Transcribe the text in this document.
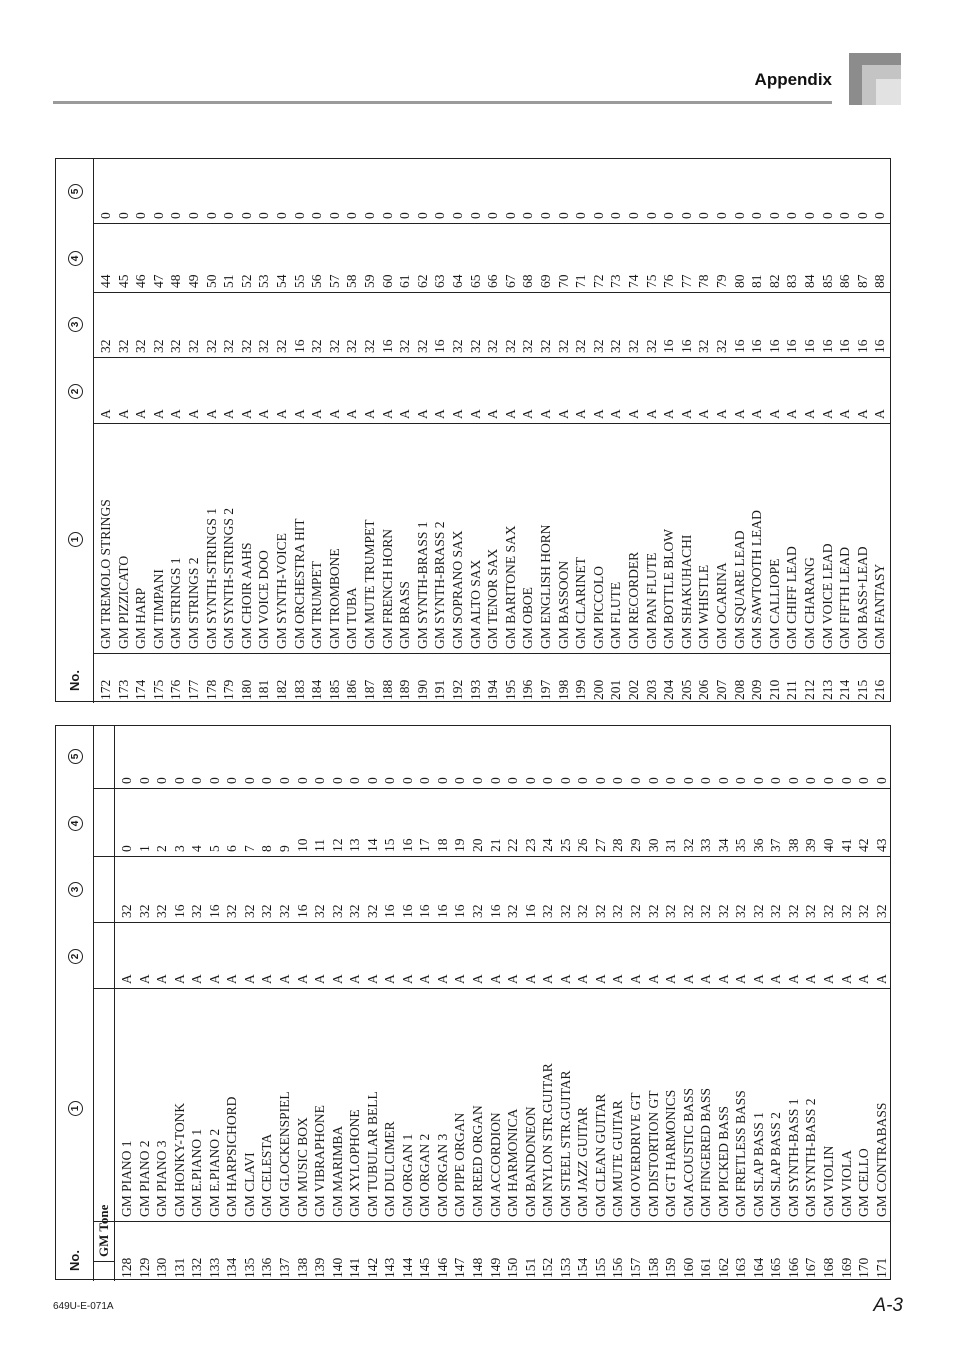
Appendix
5
4
3
2
1
No. 172
GM TREMOLO STRINGS
A
32
44
0
173
GM PIZZICATO
A
32
45
0
174
GM HARP
A
32
46
0
175
GM TIMPANI
A
32
47
0
176
GM STRINGS 1
A
32
48
0
177
GM STRINGS 2
A
32
49
0
178
GM SYNTH-STRINGS 1
A
32
50
0
179
GM SYNTH-STRINGS 2
A
32
51
0
180
GM CHOIR AAHS
A
32
52
0
181
GM VOICE DOO
A
32
53
0
182
GM SYNTH-VOICE
A
32
54
0
183
GM ORCHESTRA HIT
A
16
55
0
184
GM TRUMPET
A
32
56
0
185
GM TROMBONE
A
32
57
0
186
GM TUBA
A
32
58
0
187
GM MUTE TRUMPET
A
32
59
0
188
GM FRENCH HORN
A
16
60
0
189
GM BRASS
A
32
61
0
190
GM SYNTH-BRASS 1
A
32
62
0
191
GM SYNTH-BRASS 2
A
16
63
0
192
GM SOPRANO SAX
A
32
64
0
193
GM ALTO SAX
A
32
65
0
194
GM TENOR SAX
A
32
66
0
195
GM BARITONE SAX
A
32
67
0
196
GM OBOE
A
32
68
0
197
GM ENGLISH HORN
A
32
69
0
198
GM BASSOON
A
32
70
0
199
GM CLARINET
A
32
71
0
200
GM PICCOLO
A
32
72
0
201
GM FLUTE
A
32
73
0
202
GM RECORDER
A
32
74
0
203
GM PAN FLUTE
A
32
75
0
204
GM BOTTLE BLOW
A
16
76
0
205
GM SHAKUHACHI
A
16
77
0
206
GM WHISTLE
A
32
78
0
207
GM OCARINA
A
32
79
0
208
GM SQUARE LEAD
A
16
80
0
209
GM SAWTOOTH LEAD
A
16
81
0
210
GM CALLIOPE
A
16
82
0
211
GM CHIFF LEAD
A
16
83
0
212
GM CHARANG
A
16
84
0
213
GM VOICE LEAD
A
16
85
0
214
GM FIFTH LEAD
A
16
86
0
215
GM BASS+LEAD
A
16
87
0
216
GM FANTASY
A
16
88
0
5
4
3
2
1
No.
GM Tone
128
GM PIANO 1
A
32
0
0
129
GM PIANO 2
A
32
1
0
130
GM PIANO 3
A
32
2
0
131
GM HONKY-TONK
A
16
3
0
132
GM E.PIANO 1
A
32
4
0
133
GM E.PIANO 2
A
16
5
0
134
GM HARPSICHORD
A
32
6
0
135
GM CLAVI
A
32
7
0
136
GM CELESTA
A
32
8
0
137
GM GLOCKENSPIEL
A
32
9
0
138
GM MUSIC BOX
A
16
10
0
139
GM VIBRAPHONE
A
32
11
0
140
GM MARIMBA
A
32
12
0
141
GM XYLOPHONE
A
32
13
0
142
GM TUBULAR BELL
A
32
14
0
143
GM DULCIMER
A
16
15
0
144
GM ORGAN 1
A
16
16
0
145
GM ORGAN 2
A
16
17
0
146
GM ORGAN 3
A
16
18
0
147
GM PIPE ORGAN
A
16
19
0
148
GM REED ORGAN
A
32
20
0
149
GM ACCORDION
A
16
21
0
150
GM HARMONICA
A
32
22
0
151
GM BANDONEON
A
16
23
0
152
GM NYLON STR.GUITAR
A
32
24
0
153
GM STEEL STR.GUITAR
A
32
25
0
154
GM JAZZ GUITAR
A
32
26
0
155
GM CLEAN GUITAR
A
32
27
0
156
GM MUTE GUITAR
A
32
28
0
157
GM OVERDRIVE GT
A
32
29
0
158
GM DISTORTION GT
A
32
30
0
159
GM GT HARMONICS
A
32
31
0
160
GM ACOUSTIC BASS
A
32
32
0
161
GM FINGERED BASS
A
32
33
0
162
GM PICKED BASS
A
32
34
0
163
GM FRETLESS BASS
A
32
35
0
164
GM SLAP BASS 1
A
32
36
0
165
GM SLAP BASS 2
A
32
37
0
166
GM SYNTH-BASS 1
A
32
38
0
167
GM SYNTH-BASS 2
A
32
39
0
168
GM VIOLIN
A
32
40
0
169
GM VIOLA
A
32
41
0
170
GM CELLO
A
32
42
0
171
GM CONTRABASS
A
32
43
0
649U-E-071A	A-3
